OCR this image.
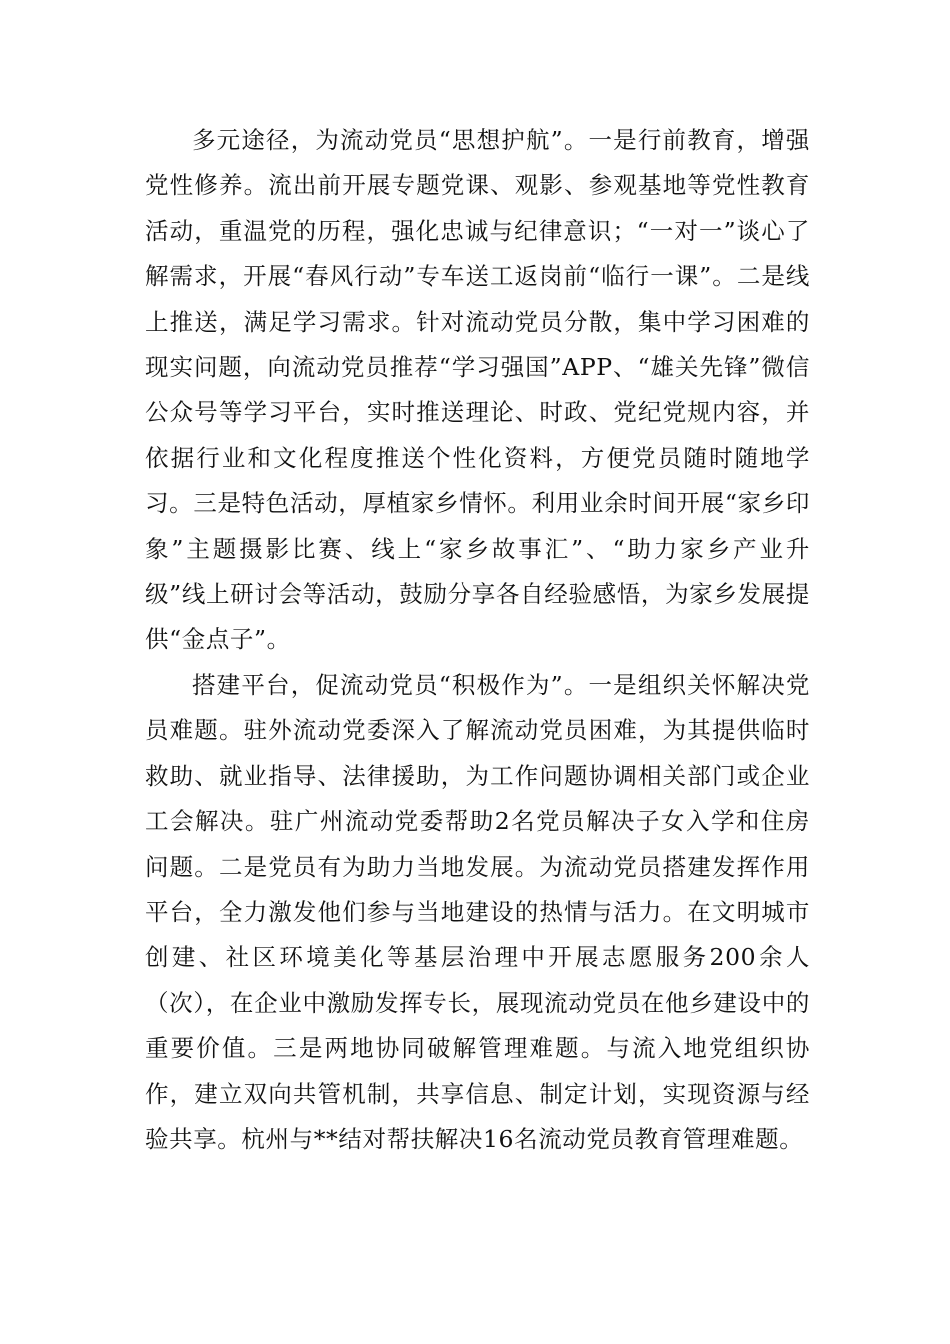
多元途径，为流动党员“思想护航”。一是行前教育，增强党性修养。流出前开展专题党课、观影、参观基地等党性教育活动，重温党的历程，强化忠诚与纪律意识；“一对一”谈心了解需求，开展“春风行动”专车送工返岗前“临行一课”。二是线上推送，满足学习需求。针对流动党员分散，集中学习困难的现实问题，向流动党员推荐“学习强国”APP、“雄关先锋”微信公众号等学习平台，实时推送理论、时政、党纪党规内容，并依据行业和文化程度推送个性化资料，方便党员随时随地学习。三是特色活动，厚植家乡情怀。利用业余时间开展“家乡印象”主题摄影比赛、线上“家乡故事汇”、“助力家乡产业升级”线上研讨会等活动，鼓励分享各自经验感悟，为家乡发展提供“金点子”。

搭建平台，促流动党员“积极作为”。一是组织关怀解决党员难题。驻外流动党委深入了解流动党员困难，为其提供临时救助、就业指导、法律援助，为工作问题协调相关部门或企业工会解决。驻广州流动党委帮助2名党员解决子女入学和住房问题。二是党员有为助力当地发展。为流动党员搭建发挥作用平台，全力激发他们参与当地建设的热情与活力。在文明城市创建、社区环境美化等基层治理中开展志愿服务200余人（次），在企业中激励发挥专长，展现流动党员在他乡建设中的重要价值。三是两地协同破解管理难题。与流入地党组织协作，建立双向共管机制，共享信息、制定计划，实现资源与经验共享。杭州与**结对帮扶解决16名流动党员教育管理难题。
